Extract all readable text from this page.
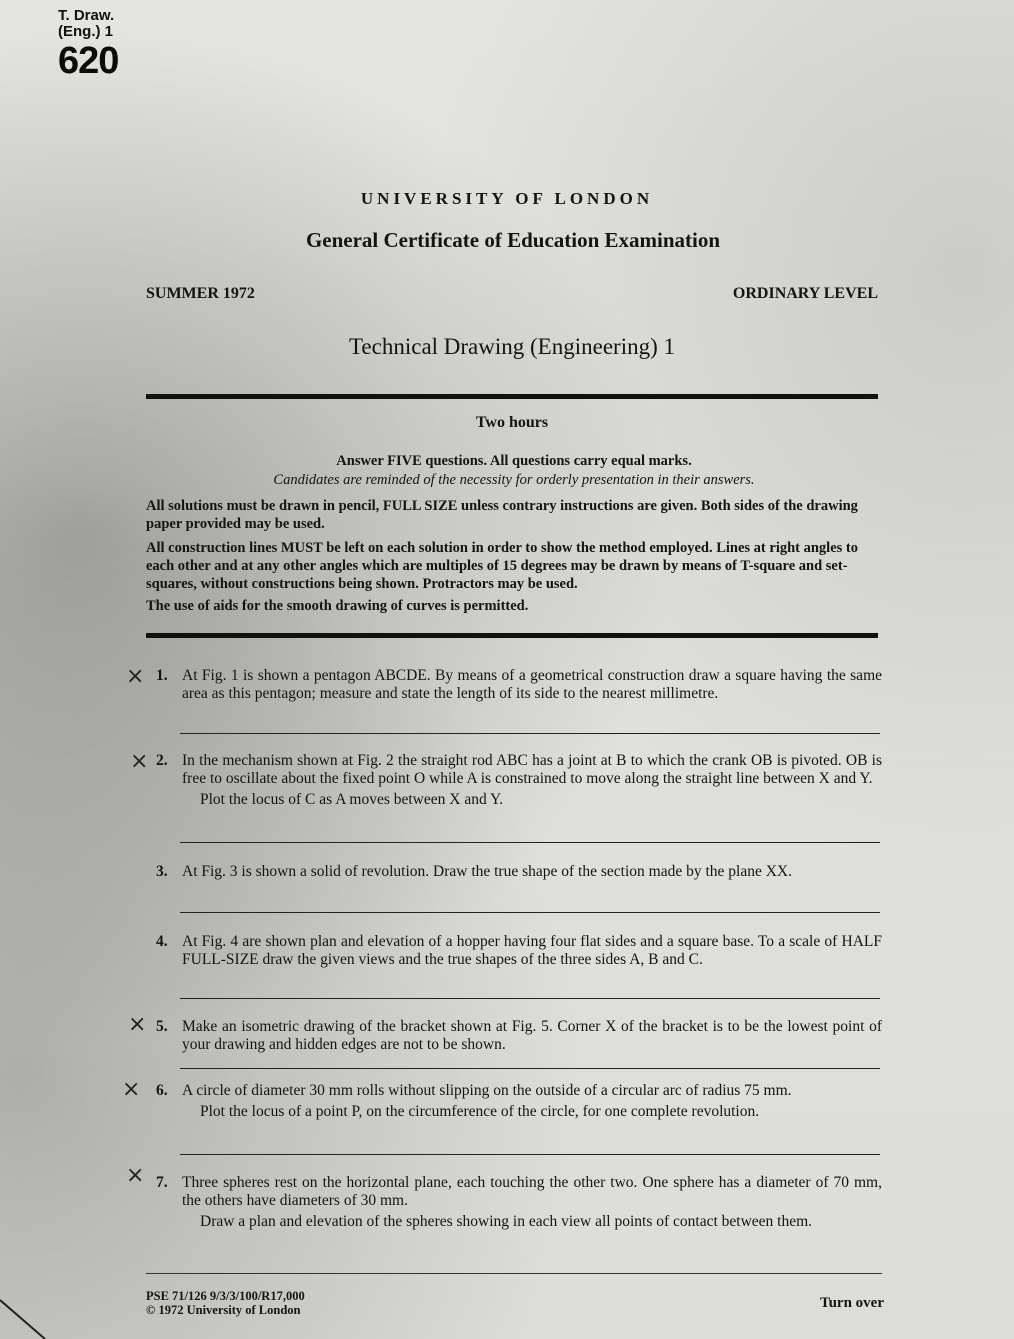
T. Draw.
(Eng.) 1
620
UNIVERSITY OF LONDON
General Certificate of Education Examination
SUMMER 1972	ORDINARY LEVEL
Technical Drawing (Engineering) 1
Two hours
Answer FIVE questions. All questions carry equal marks.
Candidates are reminded of the necessity for orderly presentation in their answers.
All solutions must be drawn in pencil, FULL SIZE unless contrary instructions are given. Both sides of the drawing paper provided may be used.
All construction lines MUST be left on each solution in order to show the method employed. Lines at right angles to each other and at any other angles which are multiples of 15 degrees may be drawn by means of T-square and set-squares, without constructions being shown. Protractors may be used.
The use of aids for the smooth drawing of curves is permitted.
× 1. At Fig. 1 is shown a pentagon ABCDE. By means of a geometrical construction draw a square having the same area as this pentagon; measure and state the length of its side to the nearest millimetre.
× 2. In the mechanism shown at Fig. 2 the straight rod ABC has a joint at B to which the crank OB is pivoted. OB is free to oscillate about the fixed point O while A is constrained to move along the straight line between X and Y.
Plot the locus of C as A moves between X and Y.
3. At Fig. 3 is shown a solid of revolution. Draw the true shape of the section made by the plane XX.
4. At Fig. 4 are shown plan and elevation of a hopper having four flat sides and a square base. To a scale of HALF FULL-SIZE draw the given views and the true shapes of the three sides A, B and C.
× 5. Make an isometric drawing of the bracket shown at Fig. 5. Corner X of the bracket is to be the lowest point of your drawing and hidden edges are not to be shown.
× 6. A circle of diameter 30 mm rolls without slipping on the outside of a circular arc of radius 75 mm.
Plot the locus of a point P, on the circumference of the circle, for one complete revolution.
× 7. Three spheres rest on the horizontal plane, each touching the other two. One sphere has a diameter of 70 mm, the others have diameters of 30 mm.
Draw a plan and elevation of the spheres showing in each view all points of contact between them.
PSE 71/126 9/3/3/100/R17,000
© 1972 University of London	Turn over
